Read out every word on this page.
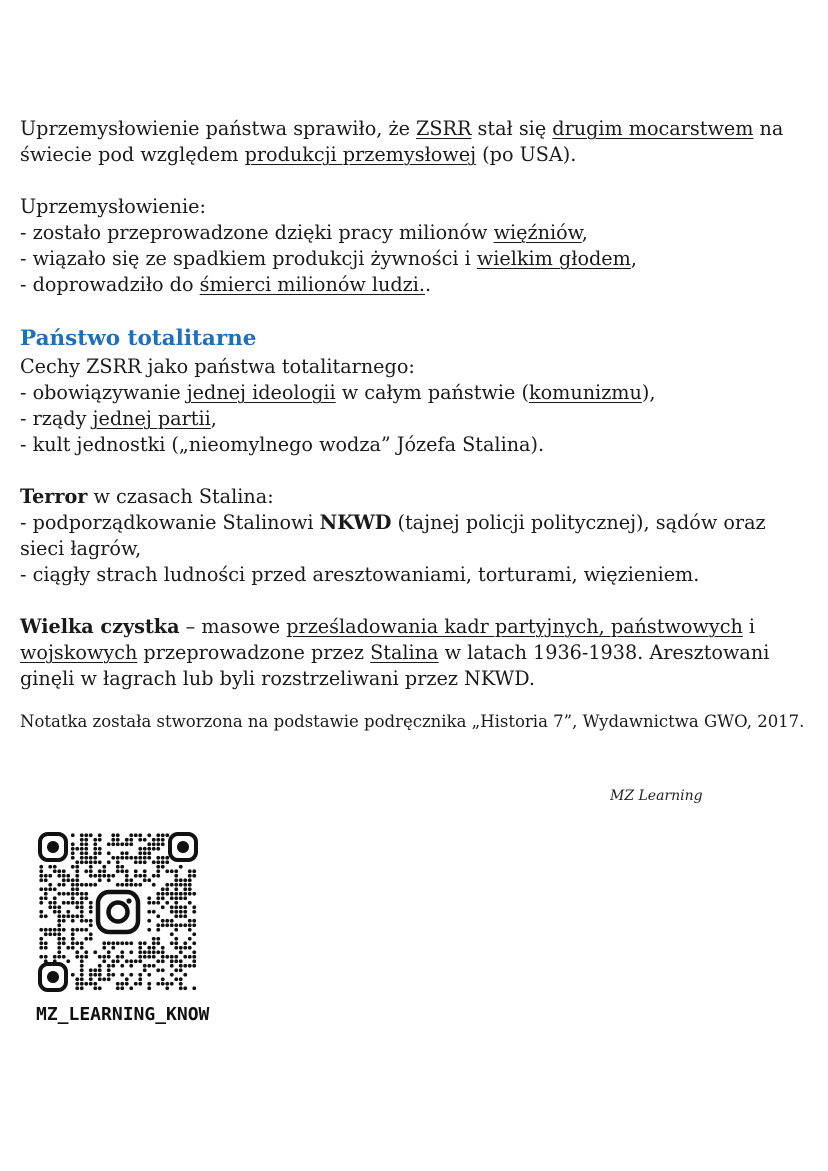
Uprzemysłowienie państwa sprawiło, że ZSRR stał się drugim mocarstwem na świecie pod względem produkcji przemysłowej (po USA).

Uprzemysłowienie:

- zostało przeprowadzone dzięki pracy milionów więźniów,

- wiązało się ze spadkiem produkcji żywności i wielkim głodem,

- doprowadziło do śmierci milionów ludzi..

Państwo totalitarne

Cechy ZSRR jako państwa totalitarnego:

- obowiązywanie jednej ideologii w całym państwie (komunizmu),

- rządy jednej partii,

- kult jednostki („nieomylnego wodza” Józefa Stalina).

Terror w czasach Stalina:

- podporządkowanie Stalinowi NKWD (tajnej policji politycznej), sądów oraz sieci łagrów,

- ciągły strach ludności przed aresztowaniami, torturami, więzieniem.

Wielka czystka – masowe prześladowania kadr partyjnych, państwowych i wojskowych przeprowadzone przez Stalina w latach 1936-1938. Aresztowani ginęli w łagrach lub byli rozstrzeliwani przez NKWD.

Notatka została stworzona na podstawie podręcznika „Historia 7”, Wydawnictwa GWO, 2017.

MZ Learning
MZ_LEARNING_KNOW
